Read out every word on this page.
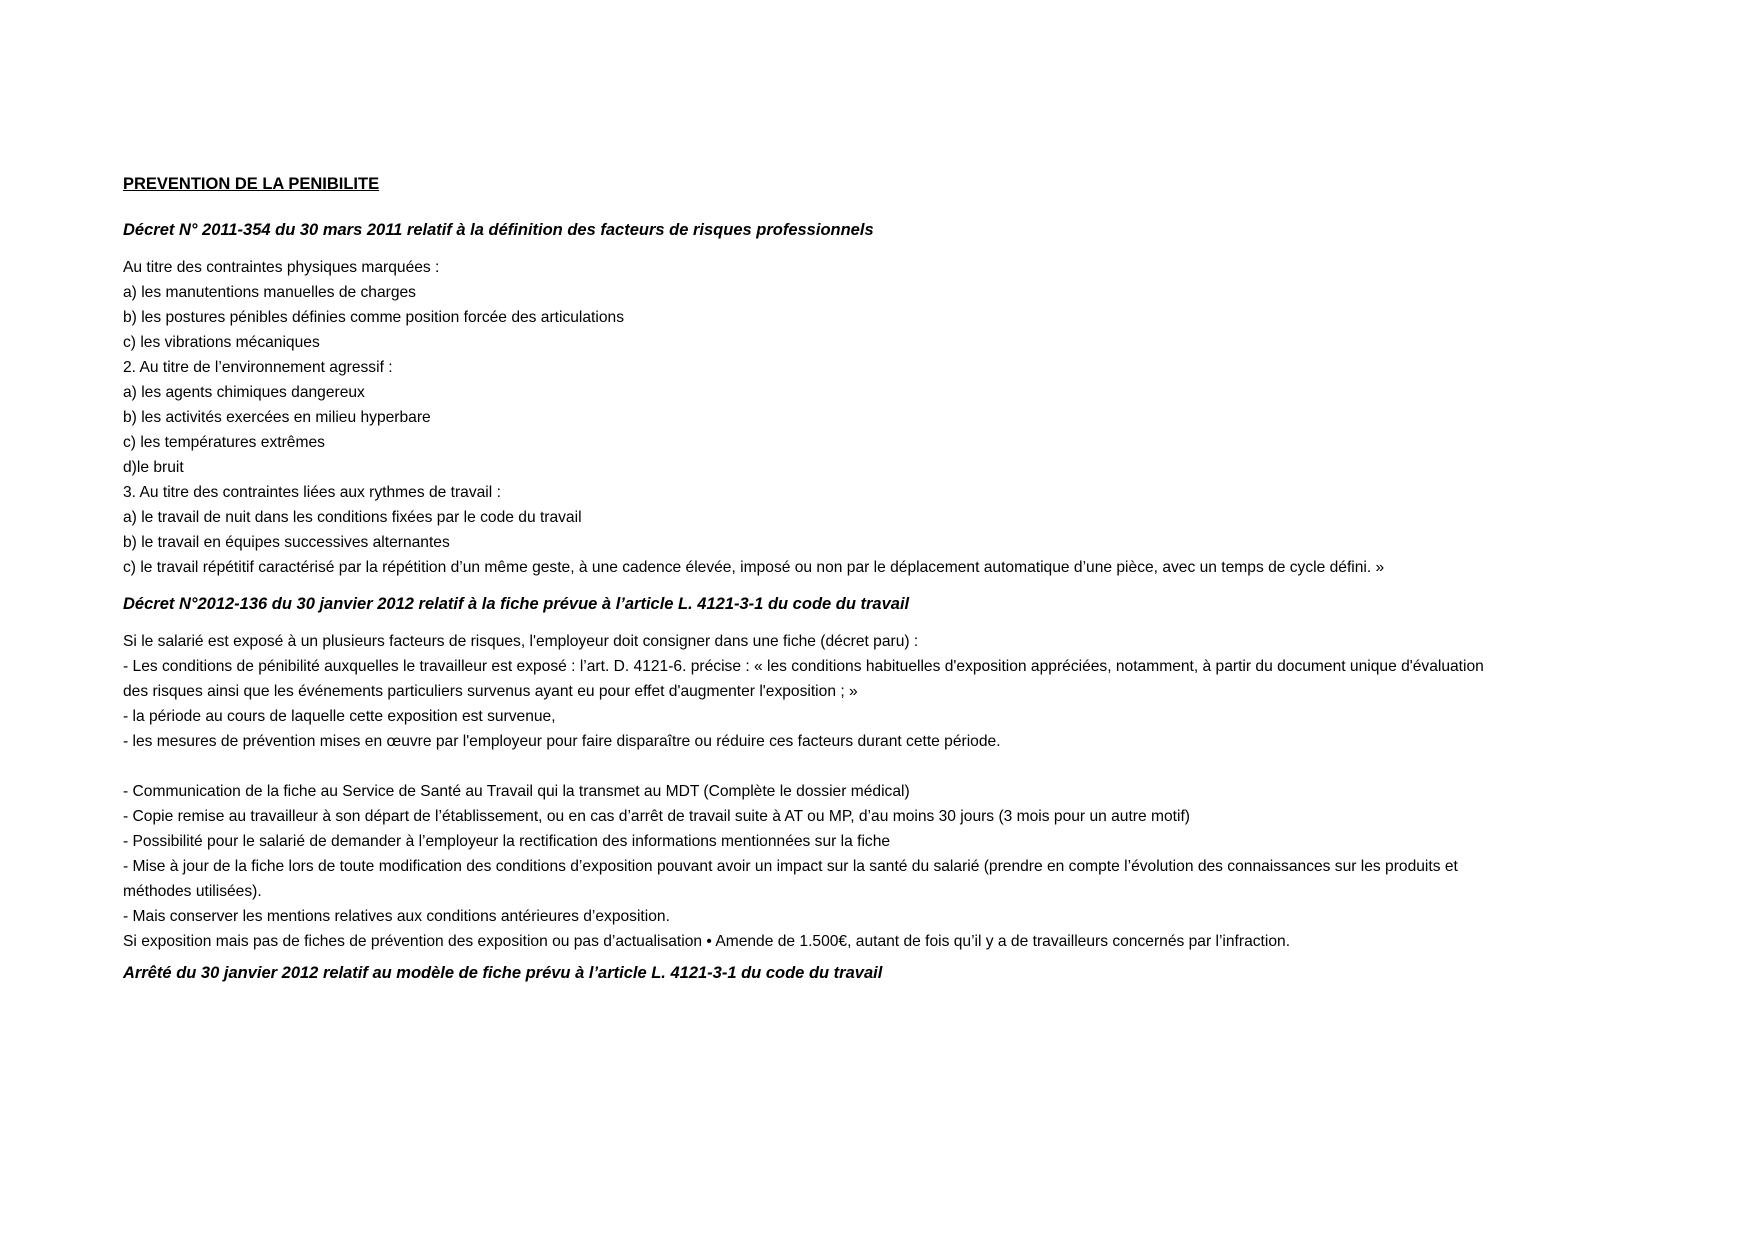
PREVENTION DE LA PENIBILITE
Décret N° 2011-354 du 30 mars 2011 relatif à la définition des facteurs de risques professionnels
Au titre des contraintes physiques marquées :
a) les manutentions manuelles de charges
b) les postures pénibles définies comme position forcée des articulations
c) les vibrations mécaniques
2. Au titre de l’environnement agressif :
a) les agents chimiques dangereux
b) les activités exercées en milieu hyperbare
c) les températures extrêmes
d)le bruit
3. Au titre des contraintes liées aux rythmes de travail :
a) le travail de nuit dans les conditions fixées par le code du travail
b) le travail en équipes successives alternantes
c) le travail répétitif caractérisé par la répétition d’un même geste, à une cadence élevée, imposé ou non par le déplacement automatique d’une pièce, avec un temps de cycle défini. »
Décret N°2012-136 du 30 janvier 2012 relatif à la fiche prévue à l’article L. 4121-3-1 du code du travail
Si le salarié est exposé à un plusieurs facteurs de risques, l'employeur doit consigner dans une fiche (décret paru) :
- Les conditions de pénibilité auxquelles le travailleur est exposé : l’art. D. 4121-6. précise : « les conditions habituelles d'exposition appréciées, notamment, à partir du document unique d'évaluation des risques ainsi que les événements particuliers survenus ayant eu pour effet d'augmenter l'exposition ; »
- la période au cours de laquelle cette exposition est survenue,
- les mesures de prévention mises en œuvre par l'employeur pour faire disparaître ou réduire ces facteurs durant cette période.
- Communication de la fiche au Service de Santé au Travail qui la transmet au MDT (Complète le dossier médical)
- Copie remise au travailleur à son départ de l’établissement, ou en cas d’arrêt de travail suite à AT ou MP, d’au moins 30 jours (3 mois pour un autre motif)
- Possibilité pour le salarié de demander à l’employeur la rectification des informations mentionnées sur la fiche
- Mise à jour de la fiche lors de toute modification des conditions d’exposition pouvant avoir un impact sur la santé du salarié (prendre en compte l’évolution des connaissances sur les produits et méthodes utilisées).
- Mais conserver les mentions relatives aux conditions antérieures d’exposition.
Si exposition mais pas de fiches de prévention des exposition ou pas d’actualisation • Amende de 1.500€, autant de fois qu’il y a de travailleurs concernés par l’infraction.
Arrêté du 30 janvier 2012 relatif au modèle de fiche prévu à l’article L. 4121-3-1 du code du travail
